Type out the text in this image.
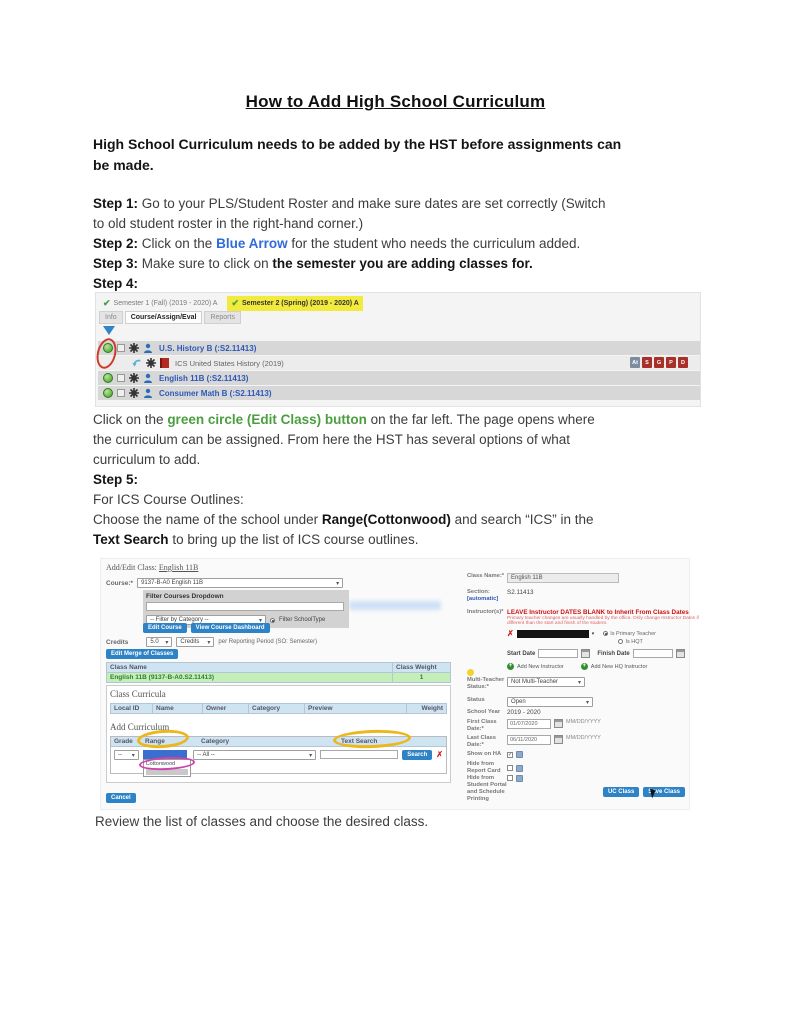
How to Add High School Curriculum
High School Curriculum needs to be added by the HST before assignments can
be made.
Step 1: Go to your PLS/Student Roster and make sure dates are set correctly (Switch
to old student roster in the right-hand corner.)
Step 2: Click on the Blue Arrow for the student who needs the curriculum added.
Step 3: Make sure to click on the semester you are adding classes for.
Step 4:
✔ Semester 1 (Fall) (2019 - 2020) A ✔ Semester 2 (Spring) (2019 - 2020) A
Info	Course/Assign/Eval	Reports
U.S. History B (:S2.11413)
ICS United States History (2019)	At	S	G	P	D
English 11B (:S2.11413)
Consumer Math B (:S2.11413)
Click on the green circle (Edit Class) button on the far left. The page opens where
the curriculum can be assigned. From here the HST has several options of what
curriculum to add.
Step 5:
For ICS Course Outlines:
Choose the name of the school under Range(Cottonwood) and search “ICS” in the
Text Search to bring up the list of ICS course outlines.
Add/Edit Class: English 11B
Course:* 9137-B-A0 English 11B
▾
Filter Courses Dropdown
-- Filter by Category --
▾	Filter SchoolType
Edit Course	View Course Dashboard
Credits	5.0
▾	Credits
▾	per Reporting Period (SO: Semester)
Edit Merge of Classes
Class Name	Class Weight
English 11B (9137-B-A0.S2.11413)	1
Class Curricula
Local ID	Name	Owner	Category	Preview	Weight
Add Curriculum
Grade	Range	Category	Text Search
--
▾
Cottonwood
-- All --
▾	Search	✗
Cancel
Class Name:*	English 11B
Section:
[automatic]
S2.11413
Instructor(s)* LEAVE Instructor DATES BLANK to Inherit From Class Dates
Primary teacher changes are usually handled by the office. Only change Instructor Dates if
different than the start and finish of the student.
✗	▾	Is Primary Teacher
Is HQT
Start Date	Finish Date
+ Add New Instructor	+ Add New HQ Instructor
Multi-Teacher Status:*
Not Multi-Teacher
▾
Status	Open
▾
School Year	2019 - 2020
First Class Date:*
01/07/2020	MM/DD/YYYY
Last Class Date:*
06/11/2020	MM/DD/YYYY
Show on HA	✓
Hide from Report Card
Hide from Student Portal and Schedule Printing
UC Class	Save Class
Review the list of classes and choose the desired class.
